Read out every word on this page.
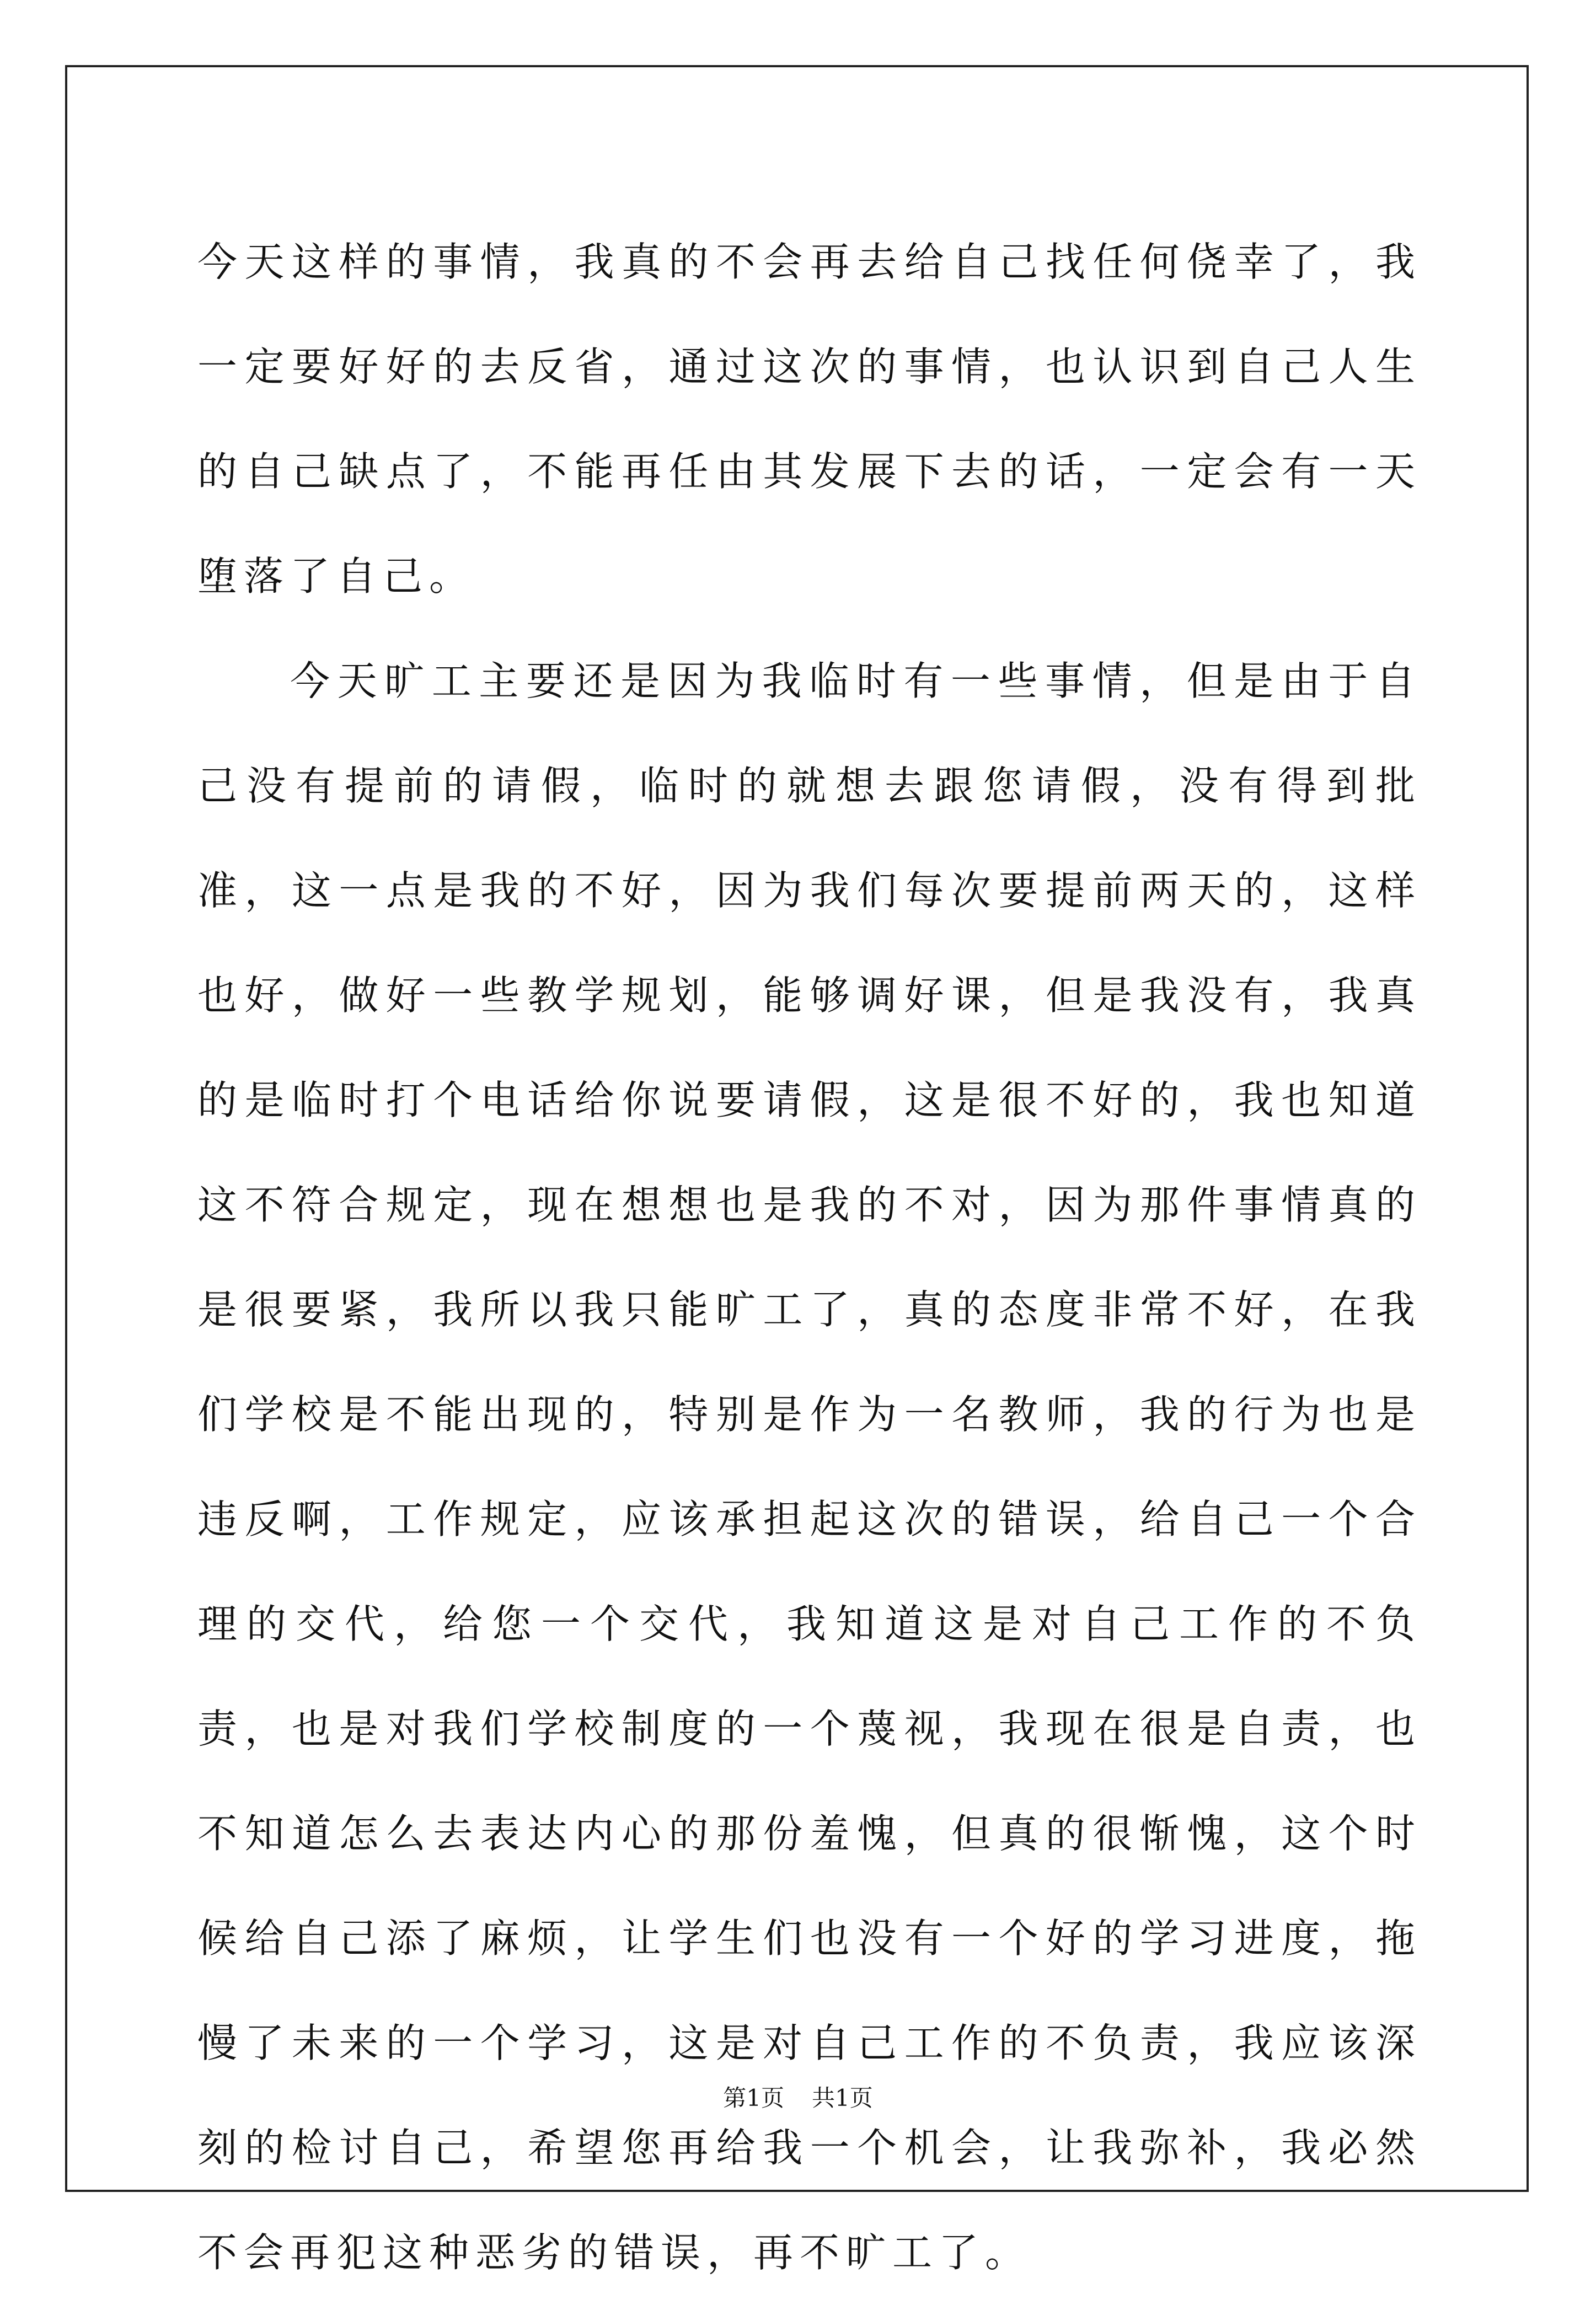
今天这样的事情，我真的不会再去给自己找任何侥幸了，我一定要好好的去反省，通过这次的事情，也认识到自己人生的自己缺点了，不能再任由其发展下去的话，一定会有一天堕落了自己。

今天旷工主要还是因为我临时有一些事情，但是由于自己没有提前的请假，临时的就想去跟您请假，没有得到批准，这一点是我的不好，因为我们每次要提前两天的，这样也好，做好一些教学规划，能够调好课，但是我没有，我真的是临时打个电话给你说要请假，这是很不好的，我也知道这不符合规定，现在想想也是我的不对，因为那件事情真的是很要紧，我所以我只能旷工了，真的态度非常不好，在我们学校是不能出现的，特别是作为一名教师，我的行为也是违反啊，工作规定，应该承担起这次的错误，给自己一个合理的交代，给您一个交代，我知道这是对自己工作的不负责，也是对我们学校制度的一个蔑视，我现在很是自责，也不知道怎么去表达内心的那份羞愧，但真的很惭愧，这个时候给自己添了麻烦，让学生们也没有一个好的学习进度，拖慢了未来的一个学习，这是对自己工作的不负责，我应该深刻的检讨自己，希望您再给我一个机会，让我弥补，我必然不会再犯这种恶劣的错误，再不旷工了。

第1页 共1页
